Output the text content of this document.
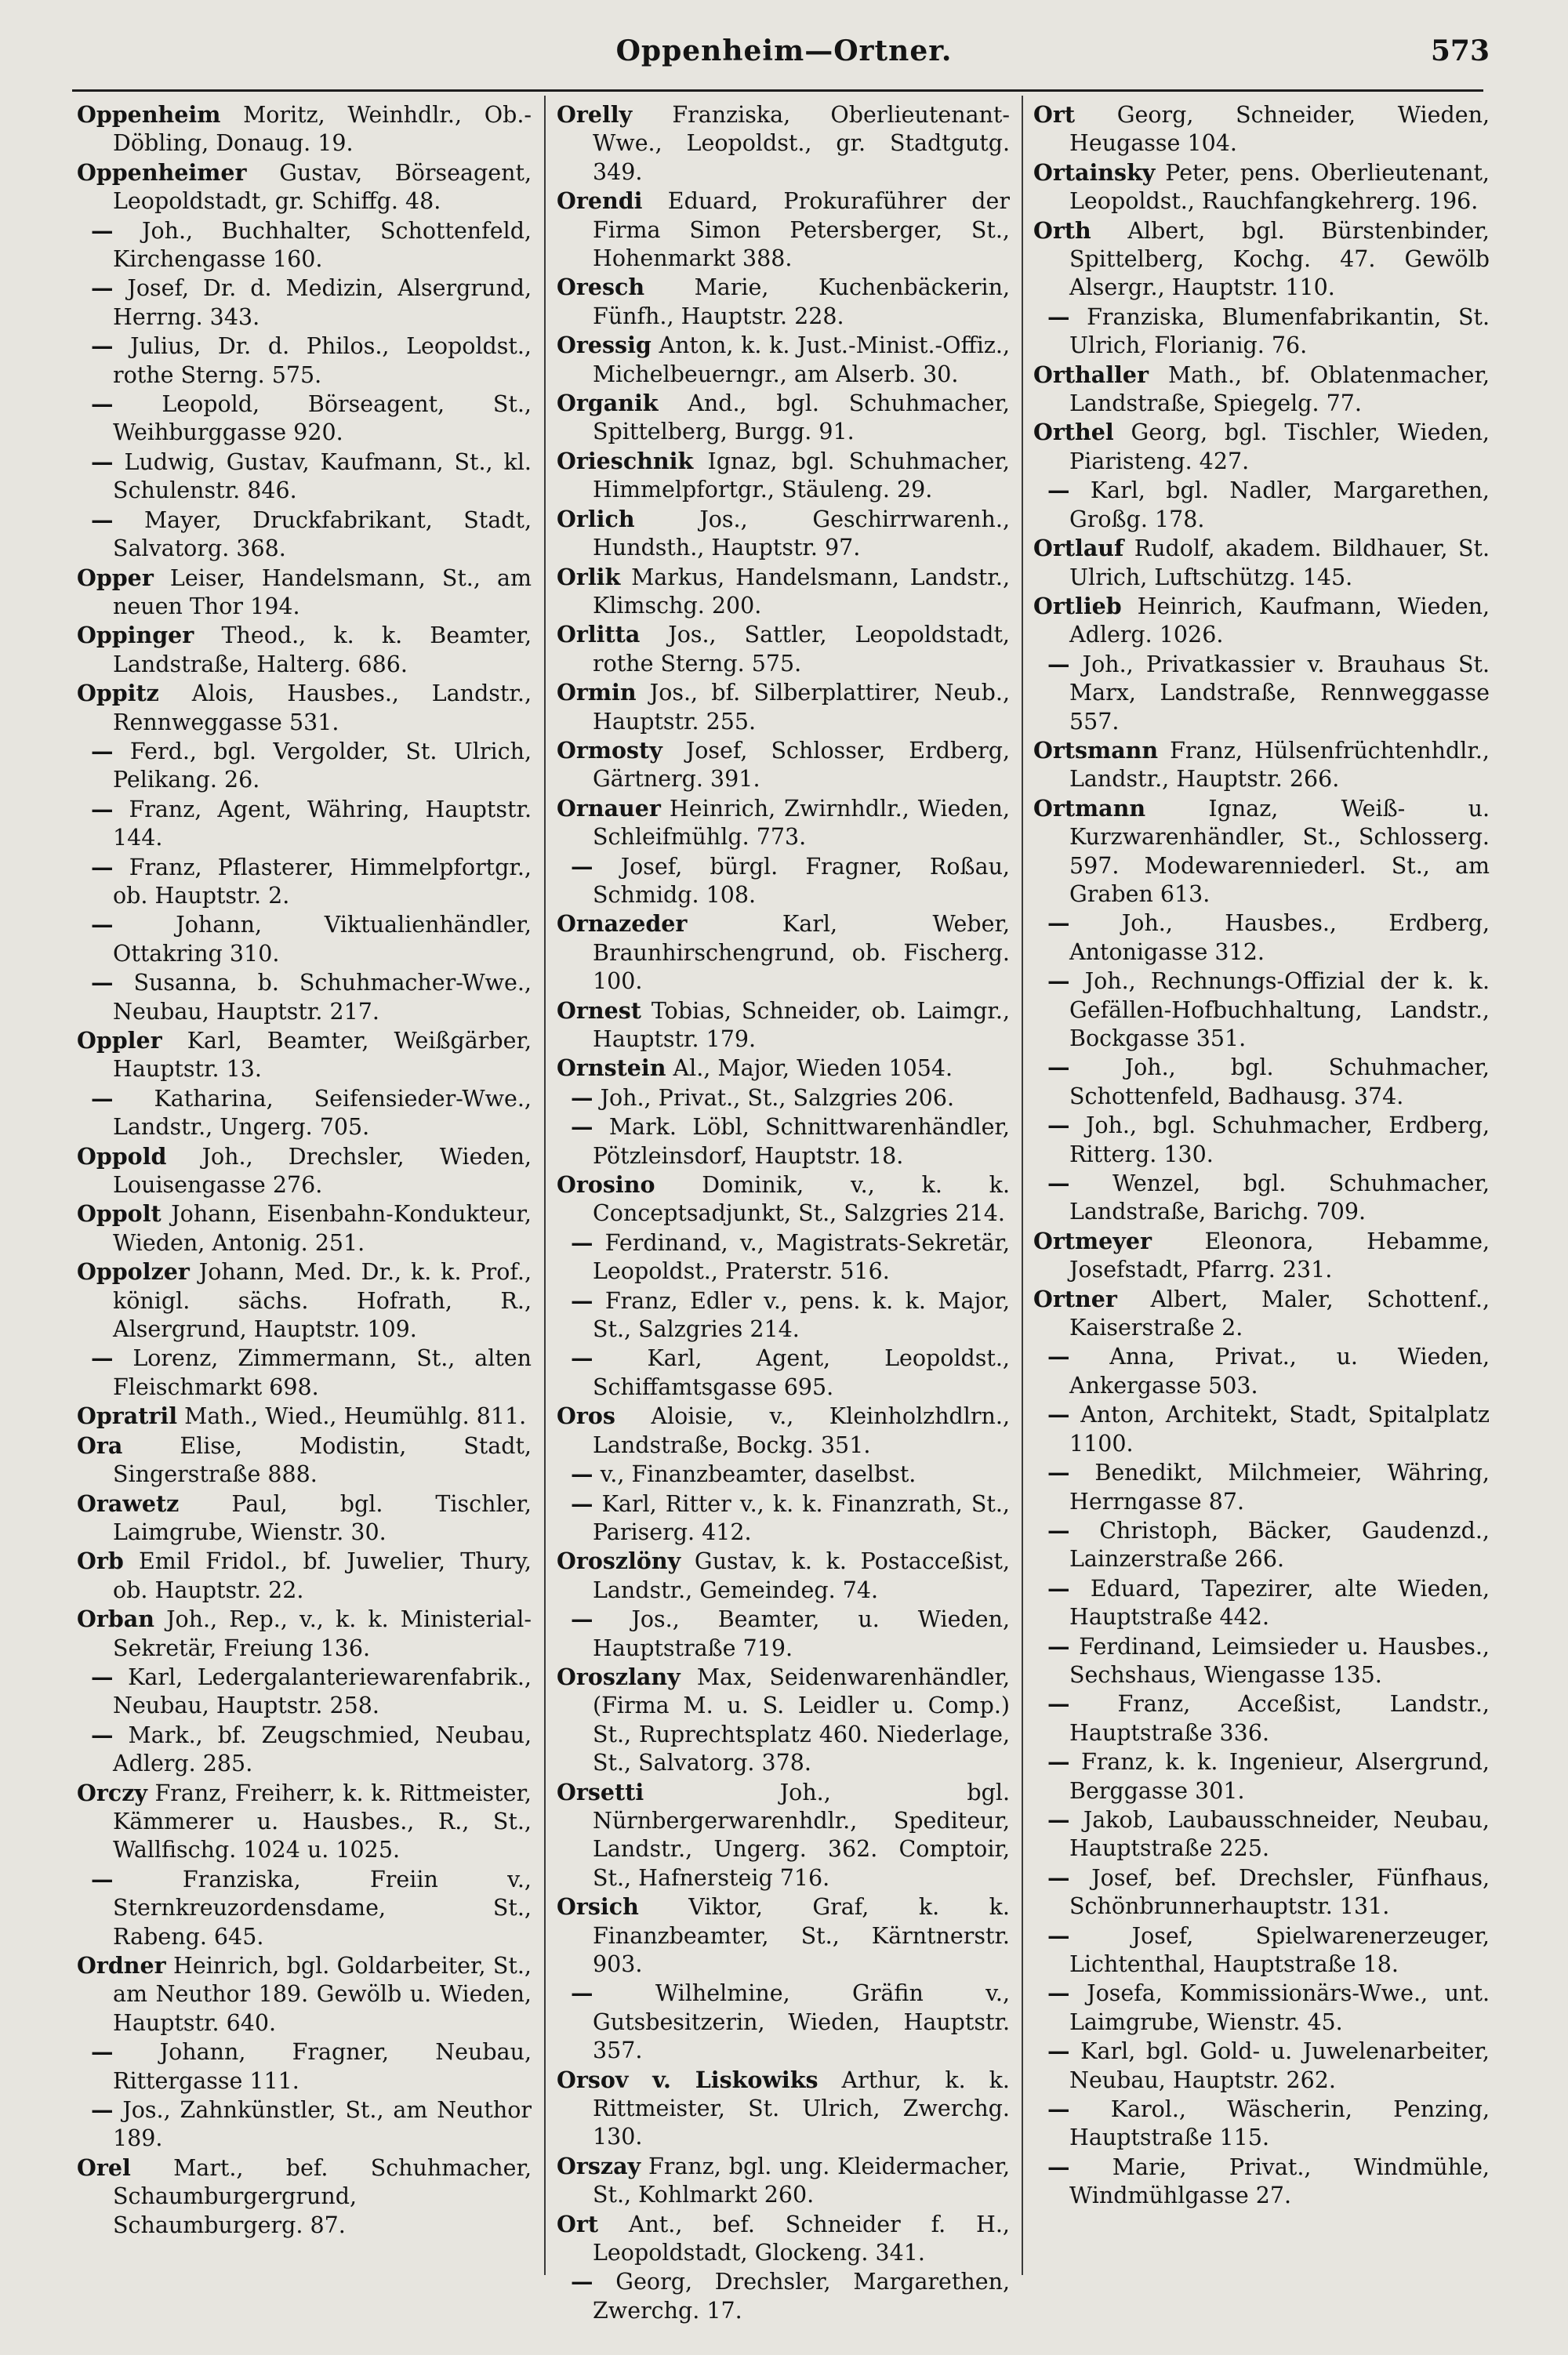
Oppenheim—Ortner.	573

Oppenheim Moritz, Weinhdlr., Ob.-Döbling, Donaug. 19.

Oppenheimer Gustav, Börseagent, Leopoldstadt, gr. Schiffg. 48.

— Joh., Buchhalter, Schottenfeld, Kirchengasse 160.

— Josef, Dr. d. Medizin, Alsergrund, Herrng. 343.

— Julius, Dr. d. Philos., Leopoldst., rothe Sterng. 575.

— Leopold, Börseagent, St., Weihburggasse 920.

— Ludwig, Gustav, Kaufmann, St., kl. Schulenstr. 846.

— Mayer, Druckfabrikant, Stadt, Salvatorg. 368.

Opper Leiser, Handelsmann, St., am neuen Thor 194.

Oppinger Theod., k. k. Beamter, Landstraße, Halterg. 686.

Oppitz Alois, Hausbes., Landstr., Rennweggasse 531.

— Ferd., bgl. Vergolder, St. Ulrich, Pelikang. 26.

— Franz, Agent, Währing, Hauptstr. 144.

— Franz, Pflasterer, Himmelpfortgr., ob. Hauptstr. 2.

—	Johann, Viktualienhändler, Ottakring 310.

— Susanna, b. Schuhmacher-Wwe., Neubau, Hauptstr. 217.

Oppler Karl, Beamter, Weißgärber, Hauptstr. 13.

— Katharina, Seifensieder-Wwe., Landstr., Ungerg. 705.

Oppold Joh., Drechsler, Wieden, Louisengasse 276.

Oppolt Johann, Eisenbahn-Kondukteur, Wieden, Antonig. 251.

Oppolzer Johann, Med. Dr., k. k. Prof., königl. sächs. Hofrath, R., Alsergrund, Hauptstr. 109.

— Lorenz, Zimmermann, St., alten Fleischmarkt 698.

Opratril Math., Wied., Heumühlg. 811.

Ora	Elise, Modistin, Stadt, Singerstraße 888.

Orawetz Paul, bgl. Tischler, Laimgrube, Wienstr. 30.

Orb Emil Fridol., bf. Juwelier, Thury, ob. Hauptstr. 22.

Orban Joh., Rep., v., k. k. Ministerial-Sekretär, Freiung 136.

— Karl, Ledergalanteriewarenfabrik., Neubau, Hauptstr. 258.

— Mark., bf. Zeugschmied, Neubau, Adlerg. 285.

Orczy Franz, Freiherr, k. k. Rittmeister, Kämmerer u. Hausbes., R., St., Wallfischg. 1024 u. 1025.

—	Franziska, Freiin v., Sternkreuzordensdame, St., Rabeng. 645.

Ordner Heinrich, bgl. Goldarbeiter, St., am Neuthor 189. Gewölb u. Wieden, Hauptstr. 640.

— Johann, Fragner, Neubau, Rittergasse 111.

— Jos., Zahnkünstler, St., am Neuthor 189.

Orel Mart., bef. Schuhmacher, Schaumburgergrund, Schaumburgerg. 87.

Orelly Franziska, Oberlieutenant-Wwe., Leopoldst., gr. Stadtgutg. 349.

Orendi Eduard, Prokuraführer der Firma Simon Petersberger, St., Hohenmarkt 388.

Oresch Marie, Kuchenbäckerin, Fünfh., Hauptstr. 228.

Oressig Anton, k. k. Just.-Minist.-Offiz., Michelbeuerngr., am Alserb. 30.

Organik And., bgl. Schuhmacher, Spittelberg, Burgg. 91.

Orieschnik Ignaz, bgl. Schuhmacher, Himmelpfortgr., Stäuleng. 29.

Orlich	Jos., Geschirrwarenh., Hundsth., Hauptstr. 97.

Orlik Markus, Handelsmann, Landstr., Klimschg. 200.

Orlitta Jos., Sattler, Leopoldstadt, rothe Sterng. 575.

Ormin Jos., bf. Silberplattirer, Neub., Hauptstr. 255.

Ormosty Josef, Schlosser, Erdberg, Gärtnerg. 391.

Ornauer Heinrich, Zwirnhdlr., Wieden, Schleifmühlg. 773.

— Josef, bürgl. Fragner, Roßau, Schmidg. 108.

Ornazeder	Karl, Weber, Braunhirschengrund, ob. Fischerg. 100.

Ornest Tobias, Schneider, ob. Laimgr., Hauptstr. 179.

Ornstein Al., Major, Wieden 1054.

— Joh., Privat., St., Salzgries 206.

— Mark. Löbl, Schnittwarenhändler, Pötzleinsdorf, Hauptstr. 18.

Orosino Dominik, v., k. k. Conceptsadjunkt, St., Salzgries 214.

— Ferdinand, v., Magistrats-Sekretär, Leopoldst., Praterstr. 516.

— Franz, Edler v., pens. k. k. Major, St., Salzgries 214.

— Karl, Agent, Leopoldst., Schiffamtsgasse 695.

Oros Aloisie, v., Kleinholzhdlrn., Landstraße, Bockg. 351.

— v., Finanzbeamter, daselbst.

— Karl, Ritter v., k. k. Finanzrath, St., Pariserg. 412.

Oroszlöny Gustav, k. k. Postacceßist, Landstr., Gemeindeg. 74.

— Jos., Beamter, u. Wieden, Hauptstraße 719.

Oroszlany Max, Seidenwarenhändler, (Firma M. u. S. Leidler u. Comp.) St., Ruprechtsplatz 460. Niederlage, St., Salvatorg. 378.

Orsetti	Joh., bgl. Nürnbergerwarenhdlr., Spediteur, Landstr., Ungerg. 362. Comptoir, St., Hafnersteig 716.

Orsich Viktor, Graf, k. k. Finanzbeamter, St., Kärntnerstr. 903.

—	Wilhelmine, Gräfin v., Gutsbesitzerin, Wieden, Hauptstr. 357.

Orsov v. Liskowiks Arthur, k. k. Rittmeister, St. Ulrich, Zwerchg. 130.

Orszay Franz, bgl. ung. Kleidermacher, St., Kohlmarkt 260.

Ort Ant., bef. Schneider f. H., Leopoldstadt, Glockeng. 341.

— Georg, Drechsler, Margarethen, Zwerchg. 17.

Ort Georg, Schneider, Wieden, Heugasse 104.

Ortainsky Peter, pens. Oberlieutenant, Leopoldst., Rauchfangkehrerg. 196.

Orth Albert, bgl. Bürstenbinder, Spittelberg, Kochg. 47. Gewölb Alsergr., Hauptstr. 110.

— Franziska, Blumenfabrikantin, St. Ulrich, Florianig. 76.

Orthaller Math., bf. Oblatenmacher, Landstraße, Spiegelg. 77.

Orthel Georg, bgl. Tischler, Wieden, Piaristeng. 427.

— Karl, bgl. Nadler, Margarethen, Großg. 178.

Ortlauf Rudolf, akadem. Bildhauer, St. Ulrich, Luftschützg. 145.

Ortlieb Heinrich, Kaufmann, Wieden, Adlerg. 1026.

— Joh., Privatkassier v. Brauhaus St. Marx, Landstraße, Rennweggasse 557.

Ortsmann Franz, Hülsenfrüchtenhdlr., Landstr., Hauptstr. 266.

Ortmann	Ignaz, Weiß- u. Kurzwarenhändler, St., Schlosserg. 597. Modewarenniederl. St., am Graben 613.

— Joh., Hausbes., Erdberg, Antonigasse 312.

— Joh., Rechnungs-Offizial der k. k. Gefällen-Hofbuchhaltung, Landstr., Bockgasse 351.

— Joh., bgl. Schuhmacher, Schottenfeld, Badhausg. 374.

— Joh., bgl. Schuhmacher, Erdberg, Ritterg. 130.

— Wenzel, bgl. Schuhmacher, Landstraße, Barichg. 709.

Ortmeyer Eleonora, Hebamme, Josefstadt, Pfarrg. 231.

Ortner Albert, Maler, Schottenf., Kaiserstraße 2.

— Anna, Privat., u. Wieden, Ankergasse 503.

— Anton, Architekt, Stadt, Spitalplatz 1100.

— Benedikt, Milchmeier, Währing, Herrngasse 87.

— Christoph, Bäcker, Gaudenzd., Lainzerstraße 266.

— Eduard, Tapezirer, alte Wieden, Hauptstraße 442.

— Ferdinand, Leimsieder u. Hausbes., Sechshaus, Wiengasse 135.

— Franz, Acceßist, Landstr., Hauptstraße 336.

— Franz, k. k. Ingenieur, Alsergrund, Berggasse 301.

— Jakob, Laubausschneider, Neubau, Hauptstraße 225.

— Josef, bef. Drechsler, Fünfhaus, Schönbrunnerhauptstr. 131.

—	Josef, Spielwarenerzeuger, Lichtenthal, Hauptstraße 18.

— Josefa, Kommissionärs-Wwe., unt. Laimgrube, Wienstr. 45.

— Karl, bgl. Gold- u. Juwelenarbeiter, Neubau, Hauptstr. 262.

— Karol., Wäscherin, Penzing, Hauptstraße 115.

— Marie, Privat., Windmühle, Windmühlgasse 27.
